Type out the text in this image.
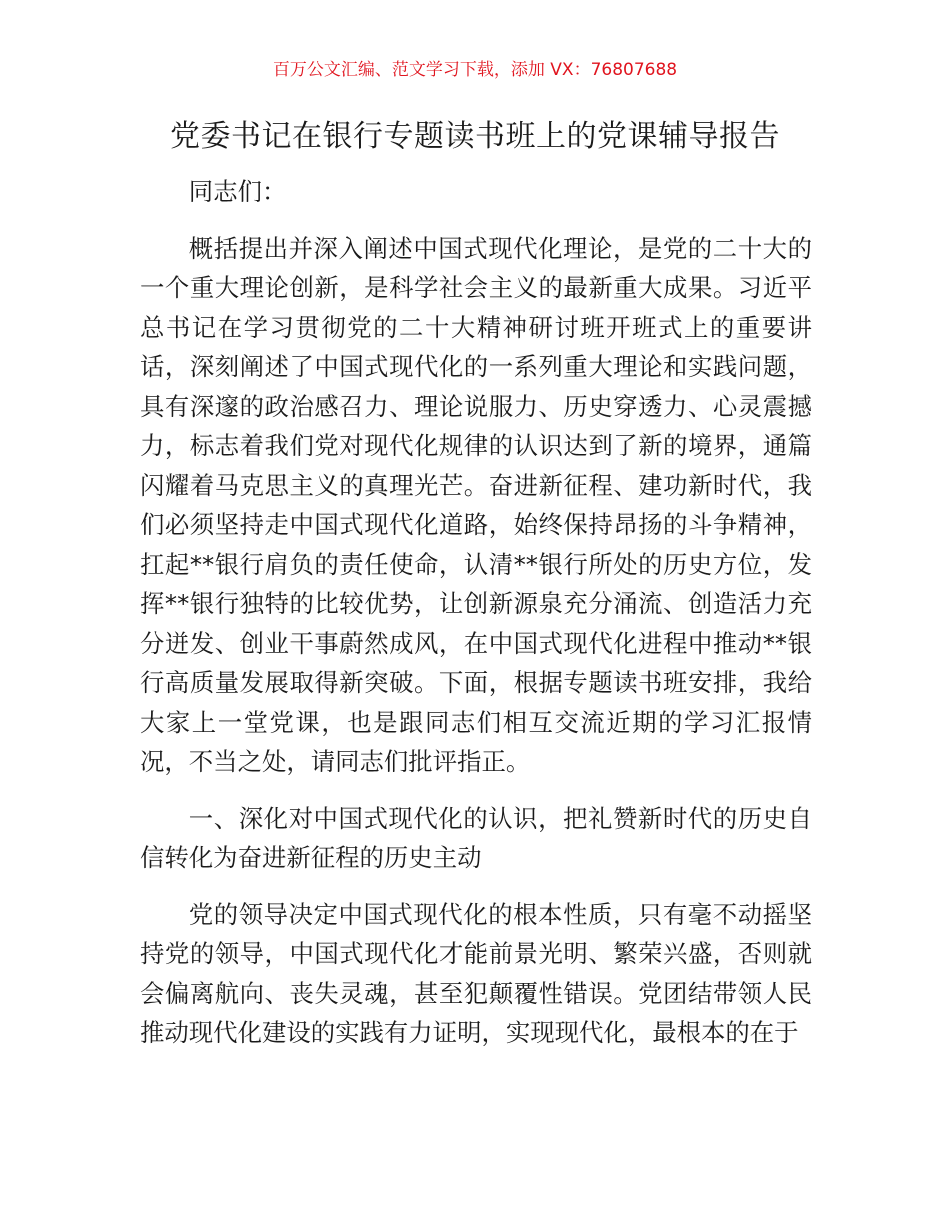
百万公文汇编、范文学习下载，添加 VX：76807688
党委书记在银行专题读书班上的党课辅导报告

同志们：

概括提出并深入阐述中国式现代化理论，是党的二十大的一个重大理论创新，是科学社会主义的最新重大成果。习近平总书记在学习贯彻党的二十大精神研讨班开班式上的重要讲话，深刻阐述了中国式现代化的一系列重大理论和实践问题，具有深邃的政治感召力、理论说服力、历史穿透力、心灵震撼力，标志着我们党对现代化规律的认识达到了新的境界，通篇闪耀着马克思主义的真理光芒。奋进新征程、建功新时代，我们必须坚持走中国式现代化道路，始终保持昂扬的斗争精神，扛起**银行肩负的责任使命，认清**银行所处的历史方位，发挥**银行独特的比较优势，让创新源泉充分涌流、创造活力充分迸发、创业干事蔚然成风，在中国式现代化进程中推动**银行高质量发展取得新突破。下面，根据专题读书班安排，我给大家上一堂党课，也是跟同志们相互交流近期的学习汇报情况，不当之处，请同志们批评指正。

一、深化对中国式现代化的认识，把礼赞新时代的历史自信转化为奋进新征程的历史主动

党的领导决定中国式现代化的根本性质，只有毫不动摇坚持党的领导，中国式现代化才能前景光明、繁荣兴盛，否则就会偏离航向、丧失灵魂，甚至犯颠覆性错误。党团结带领人民推动现代化建设的实践有力证明，实现现代化，最根本的在于
